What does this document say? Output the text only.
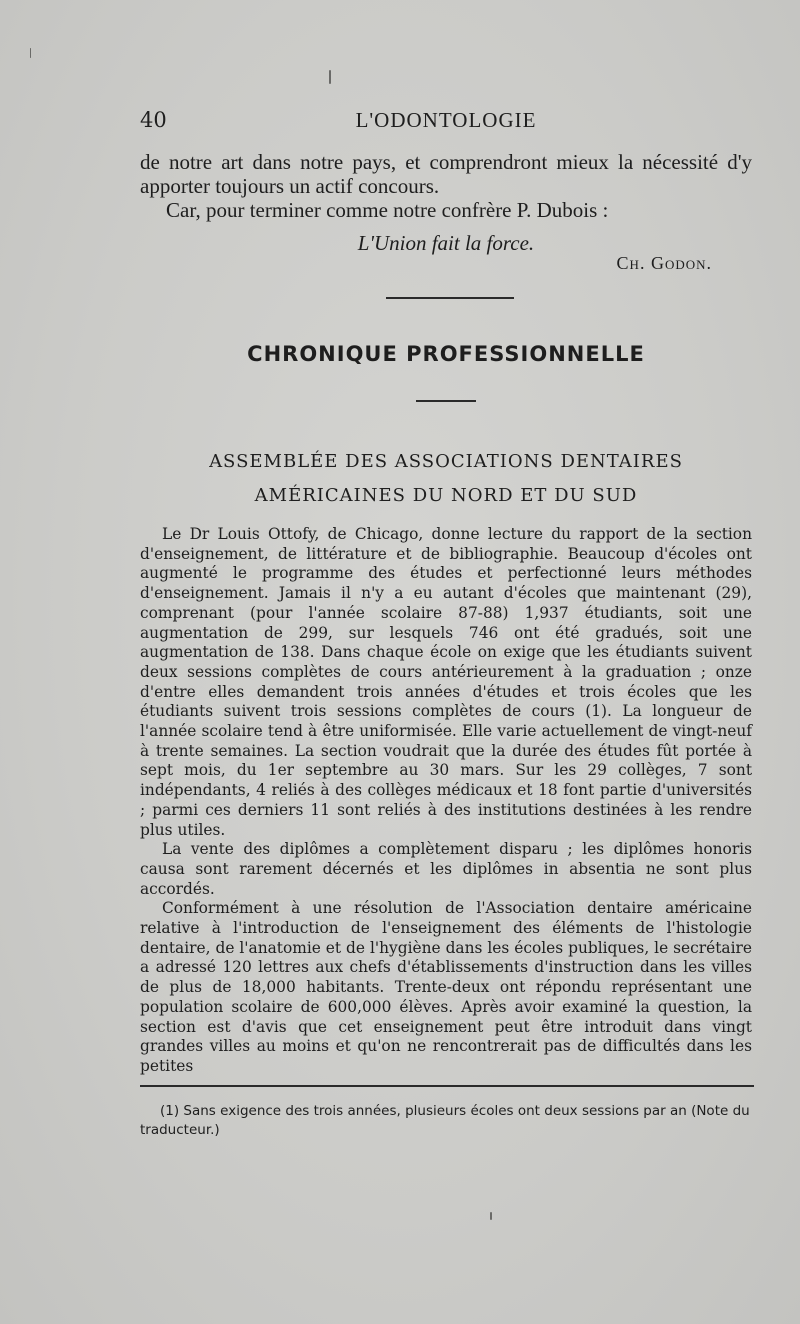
40	L'ODONTOLOGIE

de notre art dans notre pays, et comprendront mieux la nécessité d'y apporter toujours un actif concours.

Car, pour terminer comme notre confrère P. Dubois :

L'Union fait la force.
Ch. Godon.
CHRONIQUE PROFESSIONNELLE
ASSEMBLÉE DES ASSOCIATIONS DENTAIRES
AMÉRICAINES DU NORD ET DU SUD

Le Dr Louis Ottofy, de Chicago, donne lecture du rapport de la section d'enseignement, de littérature et de bibliographie. Beaucoup d'écoles ont augmenté le programme des études et perfectionné leurs méthodes d'enseignement. Jamais il n'y a eu autant d'écoles que maintenant (29), comprenant (pour l'année scolaire 87-88) 1,937 étudiants, soit une augmentation de 299, sur lesquels 746 ont été gradués, soit une augmentation de 138. Dans chaque école on exige que les étudiants suivent deux sessions complètes de cours antérieurement à la graduation ; onze d'entre elles demandent trois années d'études et trois écoles que les étudiants suivent trois sessions complètes de cours (1). La longueur de l'année scolaire tend à être uniformisée. Elle varie actuellement de vingt-neuf à trente semaines. La section voudrait que la durée des études fût portée à sept mois, du 1er septembre au 30 mars. Sur les 29 collèges, 7 sont indépendants, 4 reliés à des collèges médicaux et 18 font partie d'universités ; parmi ces derniers 11 sont reliés à des institutions destinées à les rendre plus utiles.

La vente des diplômes a complètement disparu ; les diplômes honoris causa sont rarement décernés et les diplômes in absentia ne sont plus accordés.

Conformément à une résolution de l'Association dentaire américaine relative à l'introduction de l'enseignement des éléments de l'histologie dentaire, de l'anatomie et de l'hygiène dans les écoles publiques, le secrétaire a adressé 120 lettres aux chefs d'établissements d'instruction dans les villes de plus de 18,000 habitants. Trente-deux ont répondu représentant une population scolaire de 600,000 élèves. Après avoir examiné la question, la section est d'avis que cet enseignement peut être introduit dans vingt grandes villes au moins et qu'on ne rencontrerait pas de difficultés dans les petites

(1) Sans exigence des trois années, plusieurs écoles ont deux sessions par an (Note du traducteur.)
